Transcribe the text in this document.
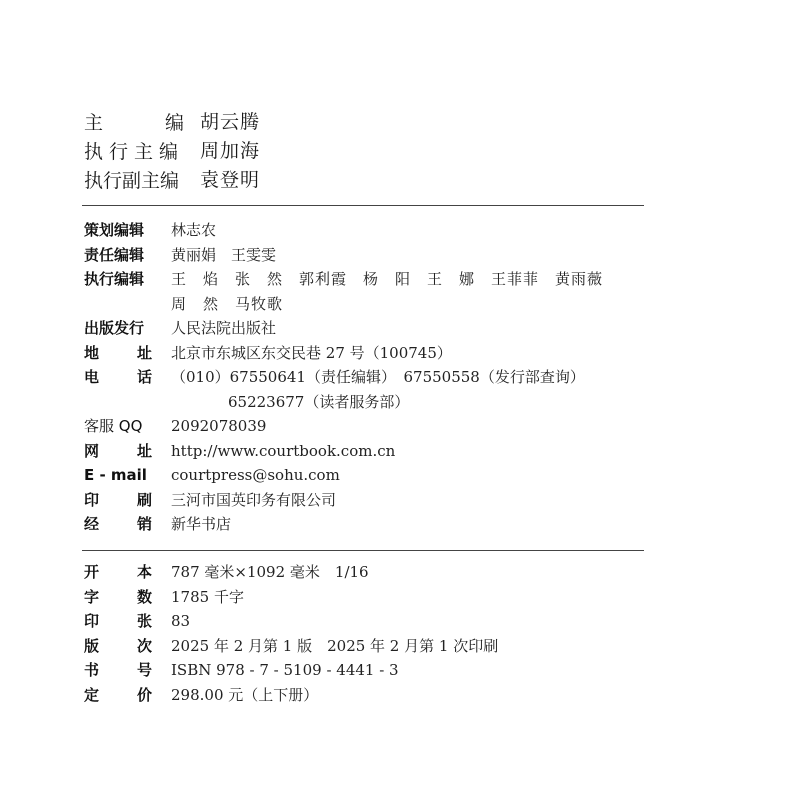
主	编 胡云腾
执行主编 周加海
执行副主编 袁登明
策划编辑	林志农
责任编辑	黄丽娟　王雯雯
执行编辑	王　焰　张　然　郭利霞　杨　阳　王　娜　王菲菲　黄雨薇
周　然　马牧歌
出版发行	人民法院出版社
地	址 北京市东城区东交民巷 27 号（100745）
电	话 （010）67550641（责任编辑）　67550558（发行部查询）
65223677（读者服务部）
客服 QQ	2092078039
网	址 http://www.courtbook.com.cn
E - mail	courtpress@sohu.com
印	刷 三河市国英印务有限公司
经	销 新华书店
开	本 787 毫米×1092 毫米　1/16
字	数 1785 千字
印	张 83
版	次 2025 年 2 月第 1 版　2025 年 2 月第 1 次印刷
书	号 ISBN 978 - 7 - 5109 - 4441 - 3
定	价 298.00 元（上下册）
